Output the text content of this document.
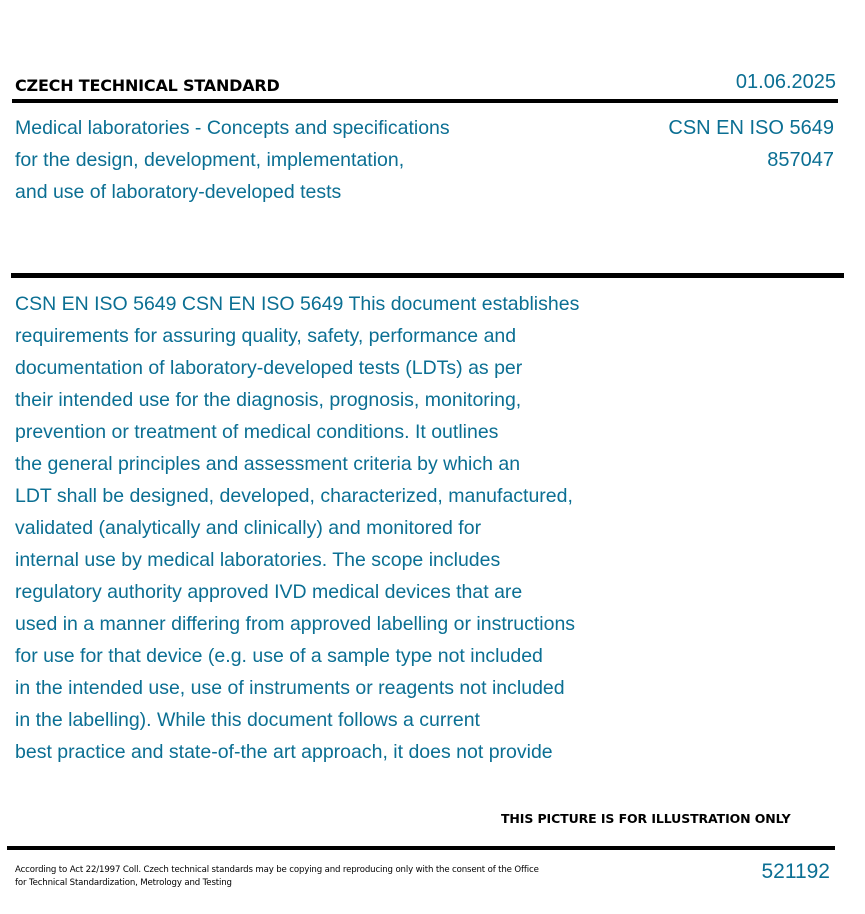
CZECH TECHNICAL STANDARD	01.06.2025
Medical laboratories - Concepts and specifications
for the design, development, implementation,
and use of laboratory-developed tests
CSN EN ISO 5649
857047
CSN EN ISO 5649 CSN EN ISO 5649 This document establishes
requirements for assuring quality, safety, performance and
documentation of laboratory-developed tests (LDTs) as per
their intended use for the diagnosis, prognosis, monitoring,
prevention or treatment of medical conditions. It outlines
the general principles and assessment criteria by which an
LDT shall be designed, developed, characterized, manufactured,
validated (analytically and clinically) and monitored for
internal use by medical laboratories. The scope includes
regulatory authority approved IVD medical devices that are
used in a manner differing from approved labelling or instructions
for use for that device (e.g. use of a sample type not included
in the intended use, use of instruments or reagents not included
in the labelling). While this document follows a current
best practice and state-of-the art approach, it does not provide
THIS PICTURE IS FOR ILLUSTRATION ONLY
According to Act 22/1997 Coll. Czech technical standards may be copying and reproducing only with the consent of the Office
for Technical Standardization, Metrology and Testing	521192
